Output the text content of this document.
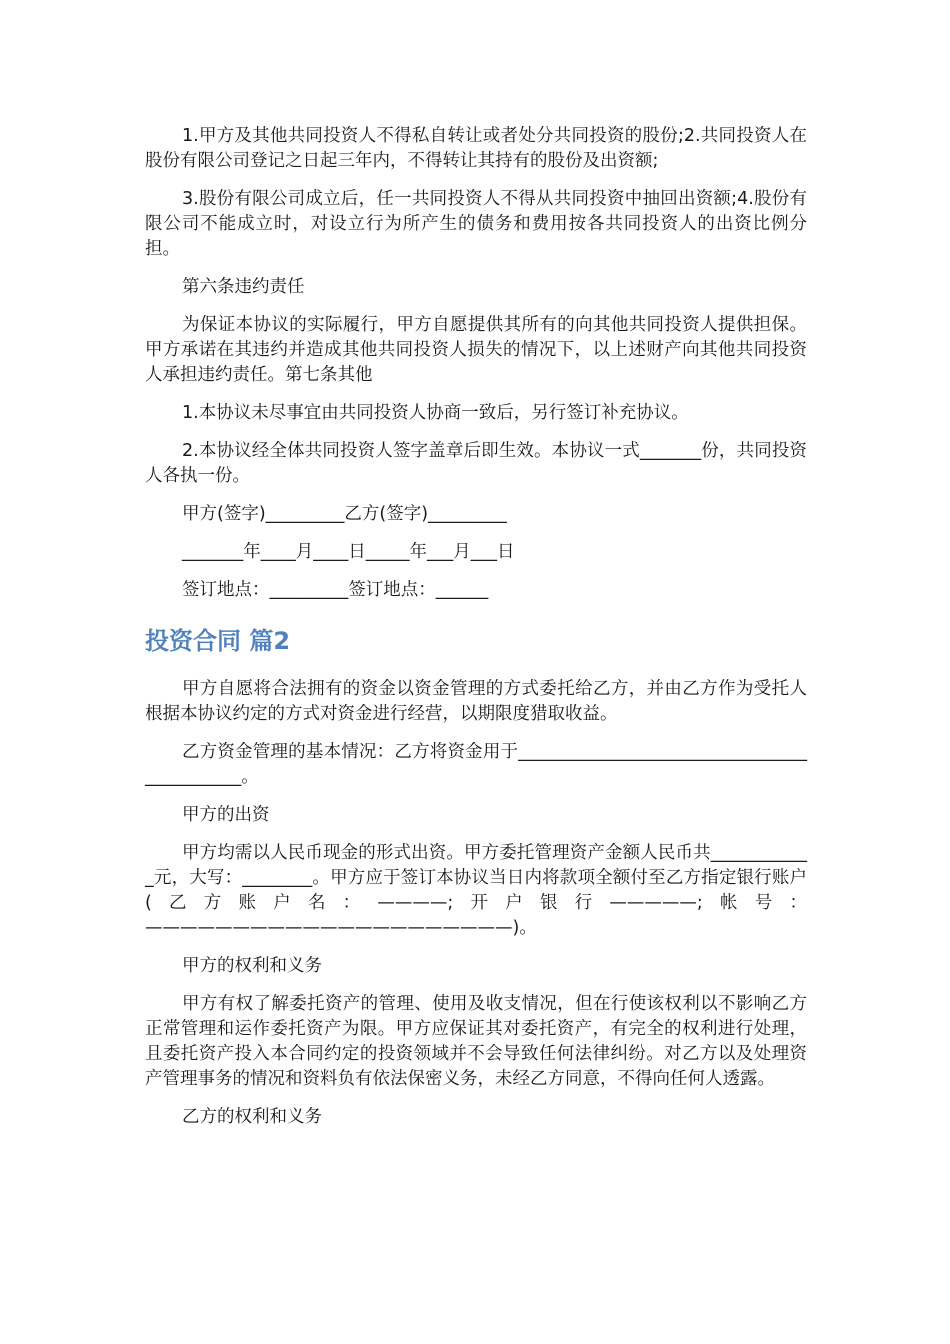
1.甲方及其他共同投资人不得私自转让或者处分共同投资的股份;2.共同投资人在股份有限公司登记之日起三年内，不得转让其持有的股份及出资额;

3.股份有限公司成立后，任一共同投资人不得从共同投资中抽回出资额;4.股份有限公司不能成立时，对设立行为所产生的债务和费用按各共同投资人的出资比例分担。

第六条违约责任

为保证本协议的实际履行，甲方自愿提供其所有的向其他共同投资人提供担保。甲方承诺在其违约并造成其他共同投资人损失的情况下，以上述财产向其他共同投资人承担违约责任。第七条其他

1.本协议未尽事宜由共同投资人协商一致后，另行签订补充协议。

2.本协议经全体共同投资人签字盖章后即生效。本协议一式_______份，共同投资人各执一份。

甲方(签字)_________乙方(签字)_________

_______年____月____日_____年___月___日

签订地点：_________签订地点：______

投资合同 篇2

甲方自愿将合法拥有的资金以资金管理的方式委托给乙方，并由乙方作为受托人根据本协议约定的方式对资金进行经营，以期限度猎取收益。

乙方资金管理的基本情况：乙方将资金用于____________________________________________。

甲方的出资

甲方均需以人民币现金的形式出资。甲方委托管理资产金额人民币共____________元，大写：________。甲方应于签订本协议当日内将款项全额付至乙方指定银行账户(乙方账户名：————;开户银行—————;帐号：—————————————————————)。

甲方的权利和义务

甲方有权了解委托资产的管理、使用及收支情况，但在行使该权利以不影响乙方正常管理和运作委托资产为限。甲方应保证其对委托资产，有完全的权利进行处理，且委托资产投入本合同约定的投资领域并不会导致任何法律纠纷。对乙方以及处理资产管理事务的情况和资料负有依法保密义务，未经乙方同意，不得向任何人透露。

乙方的权利和义务
